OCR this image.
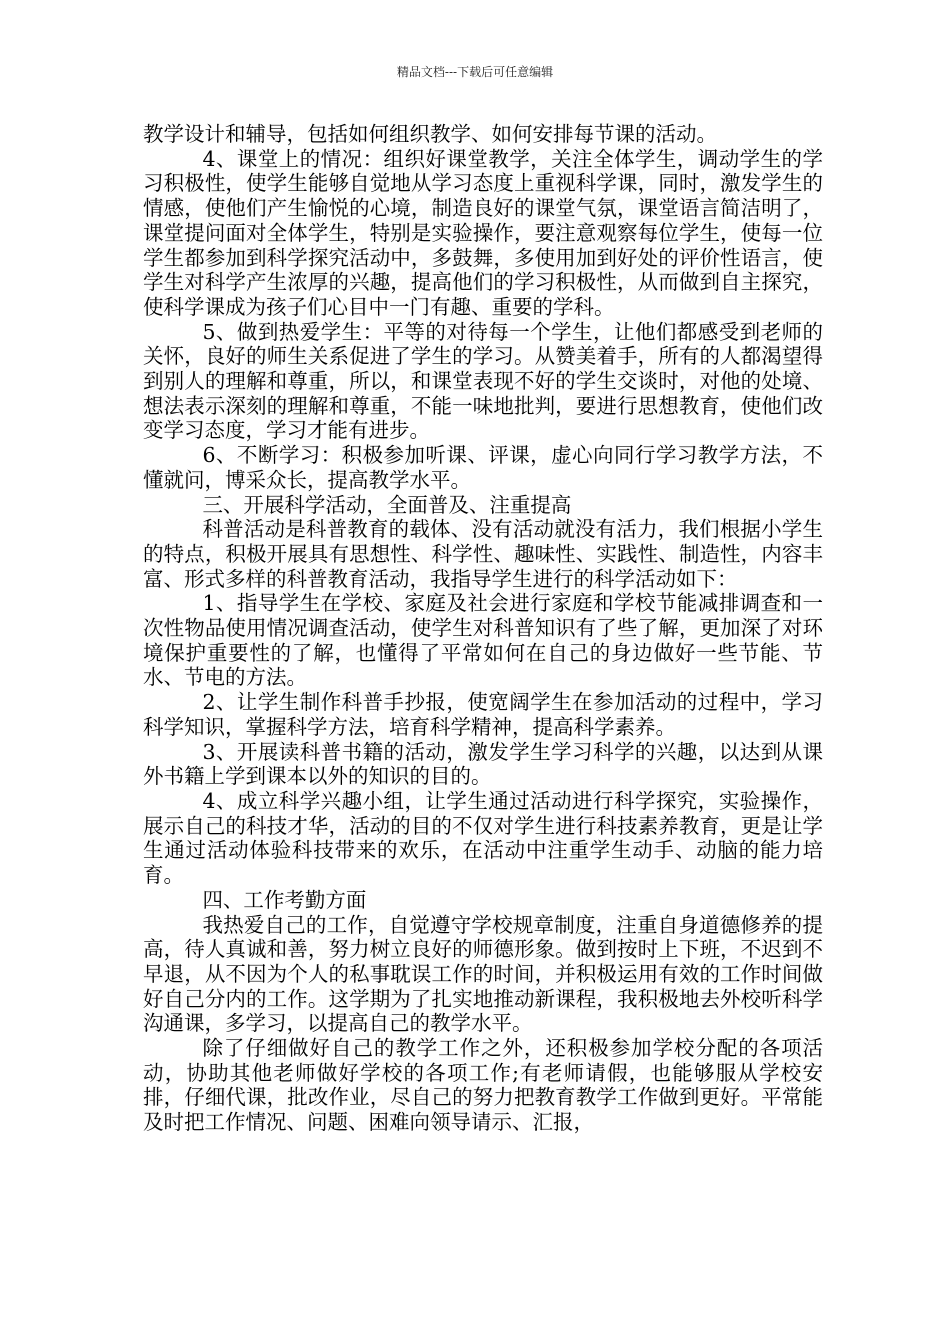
精品文档---下载后可任意编辑

教学设计和辅导，包括如何组织教学、如何安排每节课的活动。

4、课堂上的情况：组织好课堂教学，关注全体学生，调动学生的学习积极性，使学生能够自觉地从学习态度上重视科学课，同时，激发学生的情感，使他们产生愉悦的心境，制造良好的课堂气氛，课堂语言简洁明了，课堂提问面对全体学生，特别是实验操作，要注意观察每位学生，使每一位学生都参加到科学探究活动中，多鼓舞，多使用加到好处的评价性语言，使学生对科学产生浓厚的兴趣，提高他们的学习积极性，从而做到自主探究，使科学课成为孩子们心目中一门有趣、重要的学科。

5、做到热爱学生：平等的对待每一个学生，让他们都感受到老师的关怀，良好的师生关系促进了学生的学习。从赞美着手，所有的人都渴望得到别人的理解和尊重，所以，和课堂表现不好的学生交谈时，对他的处境、想法表示深刻的理解和尊重，不能一味地批判，要进行思想教育，使他们改变学习态度，学习才能有进步。

6、不断学习：积极参加听课、评课，虚心向同行学习教学方法，不懂就问，博采众长，提高教学水平。

三、开展科学活动，全面普及、注重提高

科普活动是科普教育的载体、没有活动就没有活力，我们根据小学生的特点，积极开展具有思想性、科学性、趣味性、实践性、制造性，内容丰富、形式多样的科普教育活动，我指导学生进行的科学活动如下：

1、指导学生在学校、家庭及社会进行家庭和学校节能减排调查和一次性物品使用情况调查活动，使学生对科普知识有了些了解，更加深了对环境保护重要性的了解，也懂得了平常如何在自己的身边做好一些节能、节水、节电的方法。

2、让学生制作科普手抄报，使宽阔学生在参加活动的过程中，学习科学知识，掌握科学方法，培育科学精神，提高科学素养。

3、开展读科普书籍的活动，激发学生学习科学的兴趣，以达到从课外书籍上学到课本以外的知识的目的。

4、成立科学兴趣小组，让学生通过活动进行科学探究，实验操作，展示自己的科技才华，活动的目的不仅对学生进行科技素养教育，更是让学生通过活动体验科技带来的欢乐，在活动中注重学生动手、动脑的能力培育。

四、工作考勤方面

我热爱自己的工作，自觉遵守学校规章制度，注重自身道德修养的提高，待人真诚和善，努力树立良好的师德形象。做到按时上下班，不迟到不早退，从不因为个人的私事耽误工作的时间，并积极运用有效的工作时间做好自己分内的工作。这学期为了扎实地推动新课程，我积极地去外校听科学沟通课，多学习，以提高自己的教学水平。

除了仔细做好自己的教学工作之外，还积极参加学校分配的各项活动，协助其他老师做好学校的各项工作;有老师请假，也能够服从学校安排，仔细代课，批改作业，尽自己的努力把教育教学工作做到更好。平常能及时把工作情况、问题、困难向领导请示、汇报，
